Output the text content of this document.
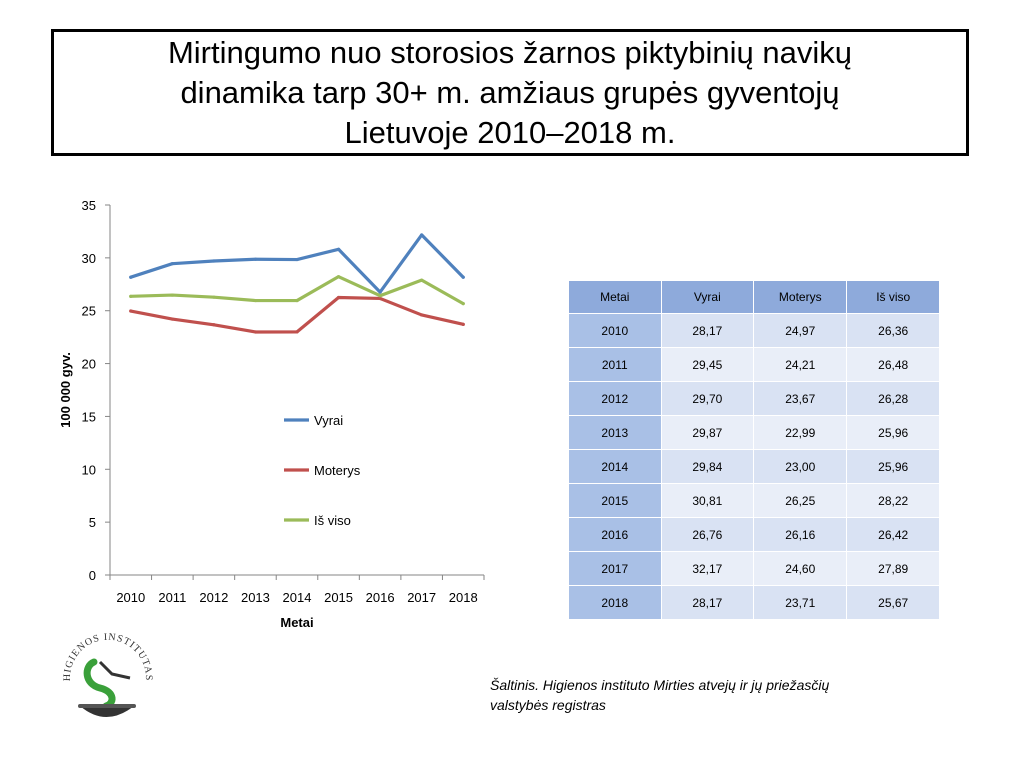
Mirtingumo nuo storosios žarnos piktybinių navikų
dinamika tarp 30+ m. amžiaus grupės gyventojų
Lietuvoje 2010–2018 m.
0
5
10
15
20
25
30
35
2010 2011 2012 2013 2014 2015 2016 2017 2018
Vyrai
Moterys
Iš viso
100 000 gyv.
Metai
Metai	Vyrai	Moterys	Iš viso
2010	28,17	24,97	26,36
2011	29,45	24,21	26,48
2012	29,70	23,67	26,28
2013	29,87	22,99	25,96
2014	29,84	23,00	25,96
2015	30,81	26,25	28,22
2016	26,76	26,16	26,42
2017	32,17	24,60	27,89
2018	28,17	23,71	25,67
Šaltinis. Higienos instituto Mirties atvejų ir jų priežasčių
valstybės registras
HIGIENOS INSTITUTAS
